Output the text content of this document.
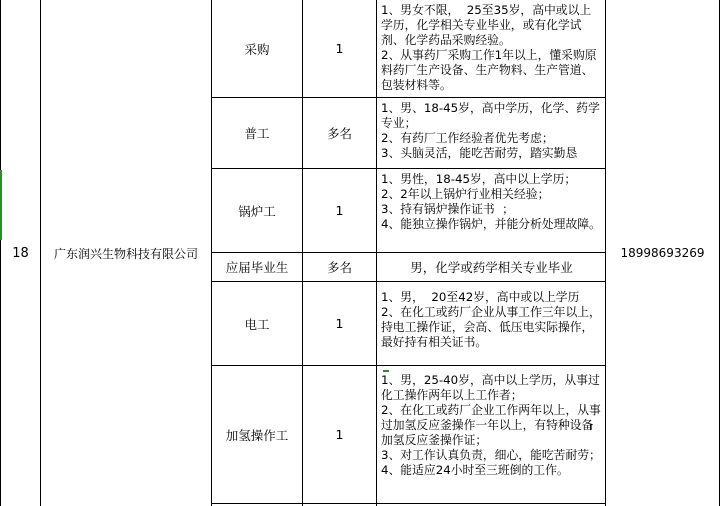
18	广东润兴生物科技有限公司	18998693269
采购	1
1、男女不限，  25至35岁，高中或以上学历，化学相关专业毕业，或有化学试剂、化学药品采购经验。
2、从事药厂采购工作1年以上，懂采购原料药厂生产设备、生产物料、生产管道、包装材料等。
普工	多名
1、男、18-45岁，高中学历，化学、药学专业；
2、有药厂工作经验者优先考虑；
3、头脑灵活，能吃苦耐劳，踏实勤恳
锅炉工	1
1、男性，18-45岁，高中以上学历；
2、2年以上锅炉行业相关经验；
3、持有锅炉操作证书  ；
4、能独立操作锅炉，并能分析处理故障。
应届毕业生	多名	男，化学或药学相关专业毕业
电工	1
1、男，  20至42岁，高中或以上学历
2、在化工或药厂企业从事工作三年以上，持电工操作证，会高、低压电实际操作，最好持有相关证书。
加氢操作工	1
1、男，25-40岁，高中以上学历，从事过化工操作两年以上工作者；
2、在化工或药厂企业工作两年以上，从事过加氢反应釜操作一年以上，有特种设备加氢反应釜操作证；
3、对工作认真负责，细心，能吃苦耐劳；
4、能适应24小时至三班倒的工作。
